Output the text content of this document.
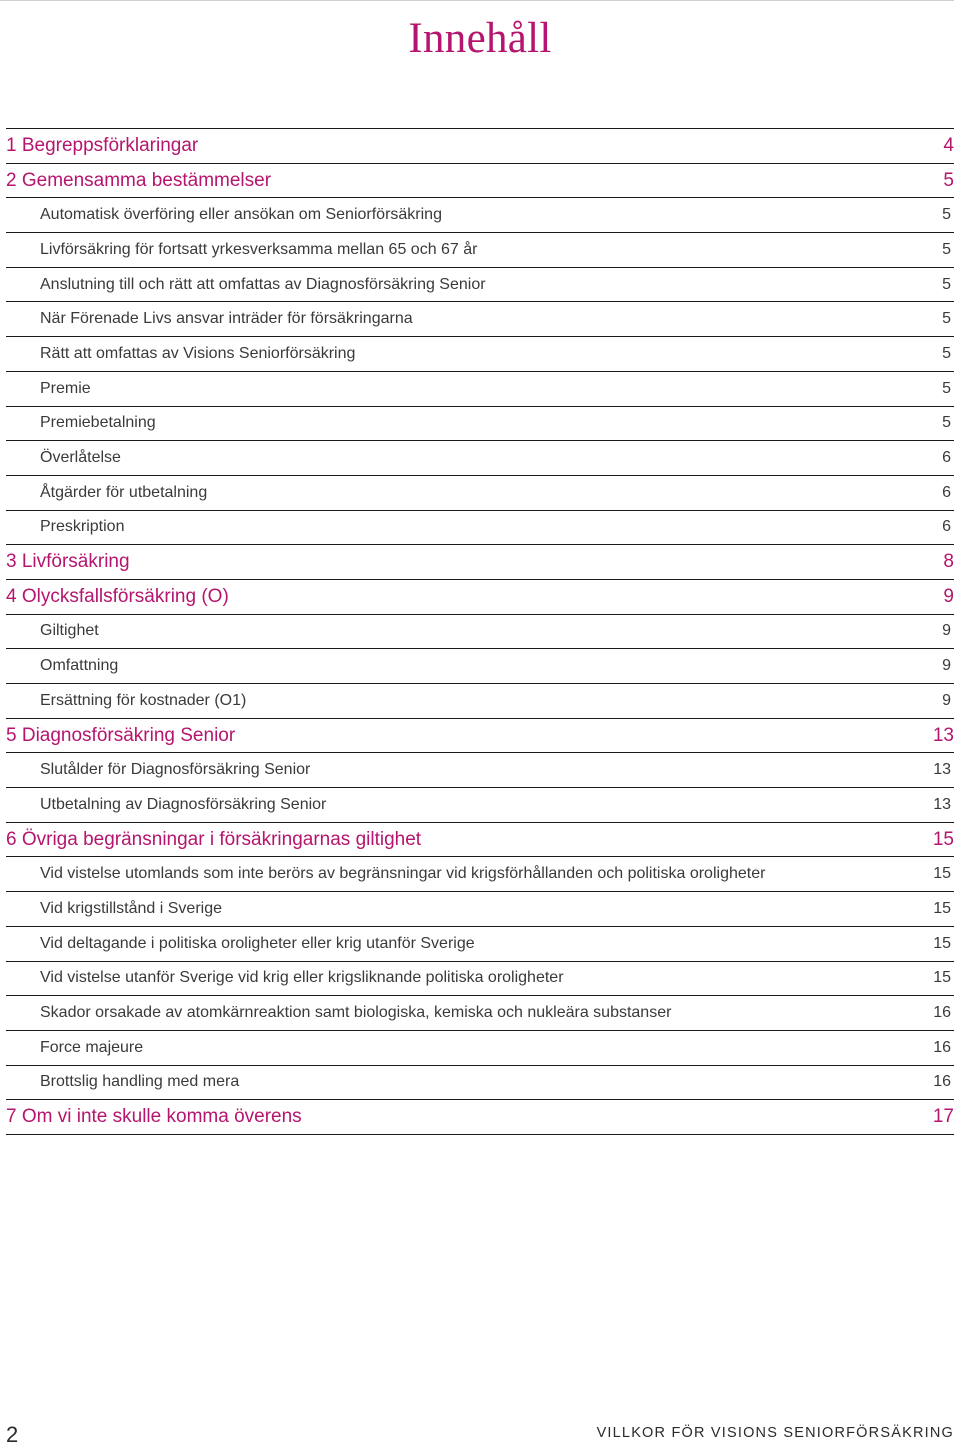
Innehåll
1 Begreppsförklaringar	4
2 Gemensamma bestämmelser	5
Automatisk överföring eller ansökan om Seniorförsäkring	5
Livförsäkring för fortsatt yrkesverksamma mellan 65 och 67 år	5
Anslutning till och rätt att omfattas av Diagnosförsäkring Senior	5
När Förenade Livs ansvar inträder för försäkringarna	5
Rätt att omfattas av Visions Seniorförsäkring	5
Premie	5
Premiebetalning	5
Överlåtelse	6
Åtgärder för utbetalning	6
Preskription	6
3 Livförsäkring	8
4 Olycksfallsförsäkring (O)	9
Giltighet	9
Omfattning	9
Ersättning för kostnader (O1)	9
5 Diagnosförsäkring Senior	13
Slutålder för Diagnosförsäkring Senior	13
Utbetalning av Diagnosförsäkring Senior	13
6 Övriga begränsningar i försäkringarnas giltighet	15
Vid vistelse utomlands som inte berörs av begränsningar vid krigsförhållanden och politiska oroligheter	15
Vid krigstillstånd i Sverige	15
Vid deltagande i politiska oroligheter eller krig utanför Sverige	15
Vid vistelse utanför Sverige vid krig eller krigsliknande politiska oroligheter	15
Skador orsakade av atomkärnreaktion samt biologiska, kemiska och nukleära substanser	16
Force majeure	16
Brottslig handling med mera	16
7 Om vi inte skulle komma överens	17
2	VILLKOR FÖR VISIONS SENIORFÖRSÄKRING
